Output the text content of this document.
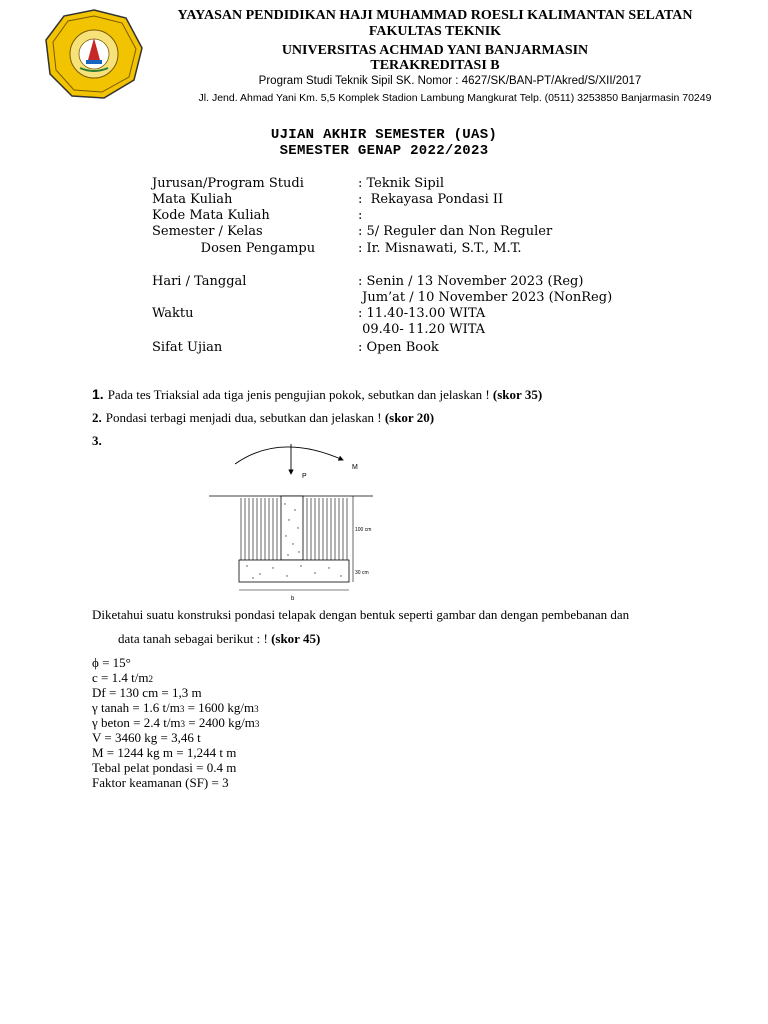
YAYASAN PENDIDIKAN HAJI MUHAMMAD ROESLI KALIMANTAN SELATAN
FAKULTAS TEKNIK
UNIVERSITAS ACHMAD YANI BANJARMASIN
TERAKREDITASI B
Program Studi Teknik Sipil SK. Nomor : 4627/SK/BAN-PT/Akred/S/XII/2017
Jl. Jend. Ahmad Yani Km. 5,5 Komplek Stadion Lambung Mangkurat Telp. (0511) 3253850 Banjarmasin 70249
UJIAN AKHIR SEMESTER (UAS)
SEMESTER GENAP 2022/2023
Jurusan/Program Studi	: Teknik Sipil
Mata Kuliah	:  Rekayasa Pondasi II
Kode Mata Kuliah	:
Semester / Kelas	: 5/ Reguler dan Non Reguler
Dosen Pengampu	: Ir. Misnawati, S.T., M.T.
Hari / Tanggal	: Senin / 13 November 2023 (Reg)
Jum’at / 10 November 2023 (NonReg)
Waktu	: 11.40-13.00 WITA
09.40- 11.20 WITA
Sifat Ujian	: Open Book
1. Pada tes Triaksial ada tiga jenis pengujian pokok, sebutkan dan jelaskan ! (skor 35)
2. Pondasi terbagi menjadi dua, sebutkan dan jelaskan ! (skor 20)
3.
P
M
100 cm
30 cm
b
Diketahui suatu konstruksi pondasi telapak dengan bentuk seperti gambar dan dengan pembebanan dan
data tanah sebagai berikut : ! (skor 45)
ϕ = 15°
c = 1.4 t/m2
Df = 130 cm = 1,3 m
γ tanah = 1.6 t/m3 = 1600 kg/m3
γ beton = 2.4 t/m3 = 2400 kg/m3
V = 3460 kg = 3,46 t
M = 1244 kg m = 1,244 t m
Tebal pelat pondasi = 0.4 m
Faktor keamanan (SF) = 3
